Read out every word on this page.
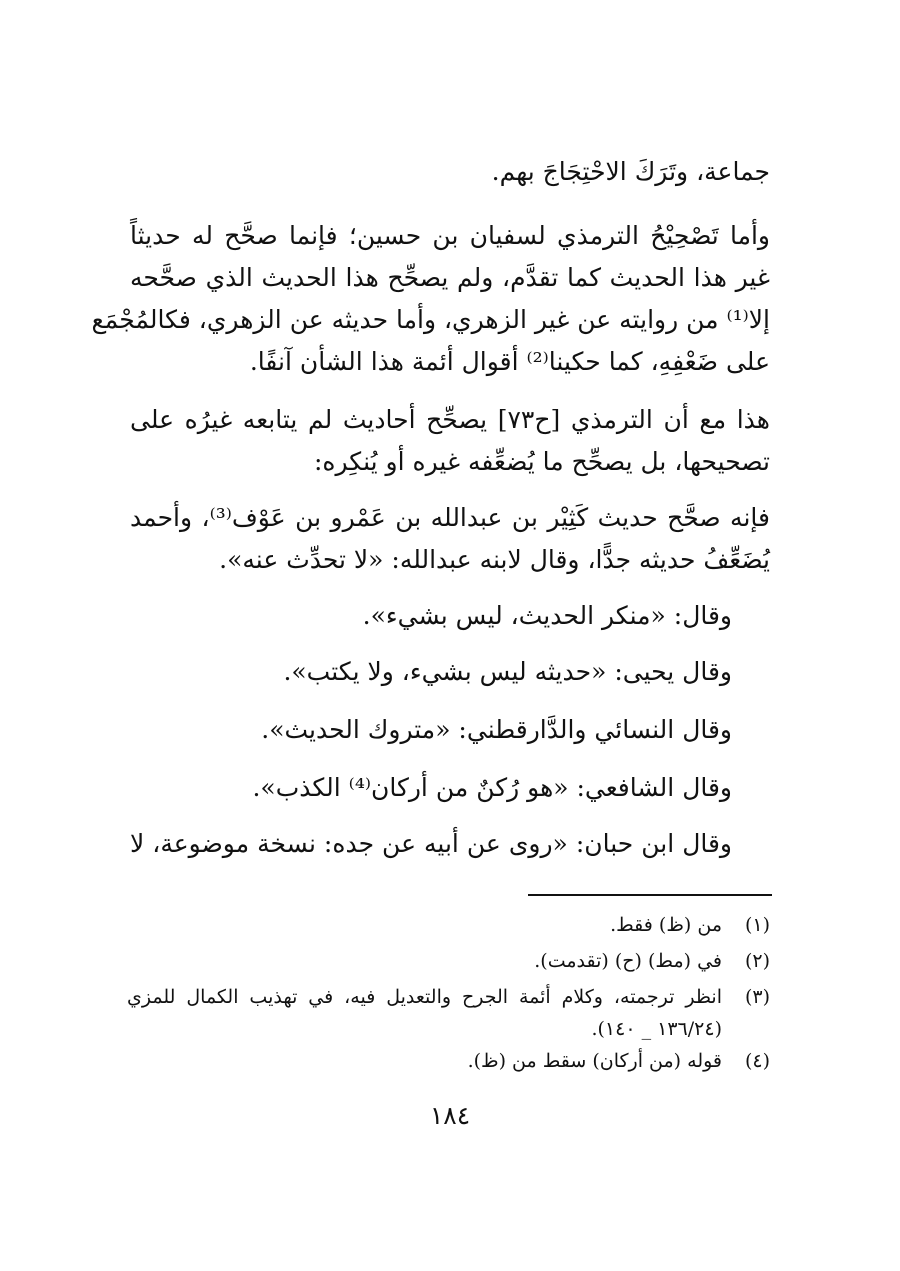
جماعة، وتَرَكَ الاحْتِجَاجَ بهم.
وأما تَصْحِيْحُ الترمذي لسفيان بن حسين؛ فإنما صحَّح له حديثاً
غير هذا الحديث كما تقدَّم، ولم يصحِّح هذا الحديث الذي صحَّحه
إلا⁽¹⁾ من روايته عن غير الزهري، وأما حديثه عن الزهري، فكالمُجْمَع
على ضَعْفِهِ، كما حكينا⁽²⁾ أقوال أئمة هذا الشأن آنفًا.
هذا مع أن الترمذي [ح٧٣] يصحِّح أحاديث لم يتابعه غيرُه على
تصحيحها، بل يصحِّح ما يُضعِّفه غيره أو يُنكِره:
فإنه صحَّح حديث كَثِيْر بن عبدالله بن عَمْرو بن عَوْف⁽³⁾، وأحمد
يُضَعِّفُ حديثه جدًّا، وقال لابنه عبدالله: «لا تحدِّث عنه».
وقال: «منكر الحديث، ليس بشيء».
وقال يحيى: «حديثه ليس بشيء، ولا يكتب».
وقال النسائي والدَّارقطني: «متروك الحديث».
وقال الشافعي: «هو رُكنٌ من أركان⁽⁴⁾ الكذب».
وقال ابن حبان: «روى عن أبيه عن جده: نسخة موضوعة، لا
(١)
من (ظ) فقط.
(٢)
في (مط) (ح) (تقدمت).
(٣)
انظر ترجمته، وكلام أئمة الجرح والتعديل فيه، في تهذيب الكمال للمزي
(١٣٦/٢٤ _ ١٤٠).
(٤)
قوله (من أركان) سقط من (ظ).
١٨٤
